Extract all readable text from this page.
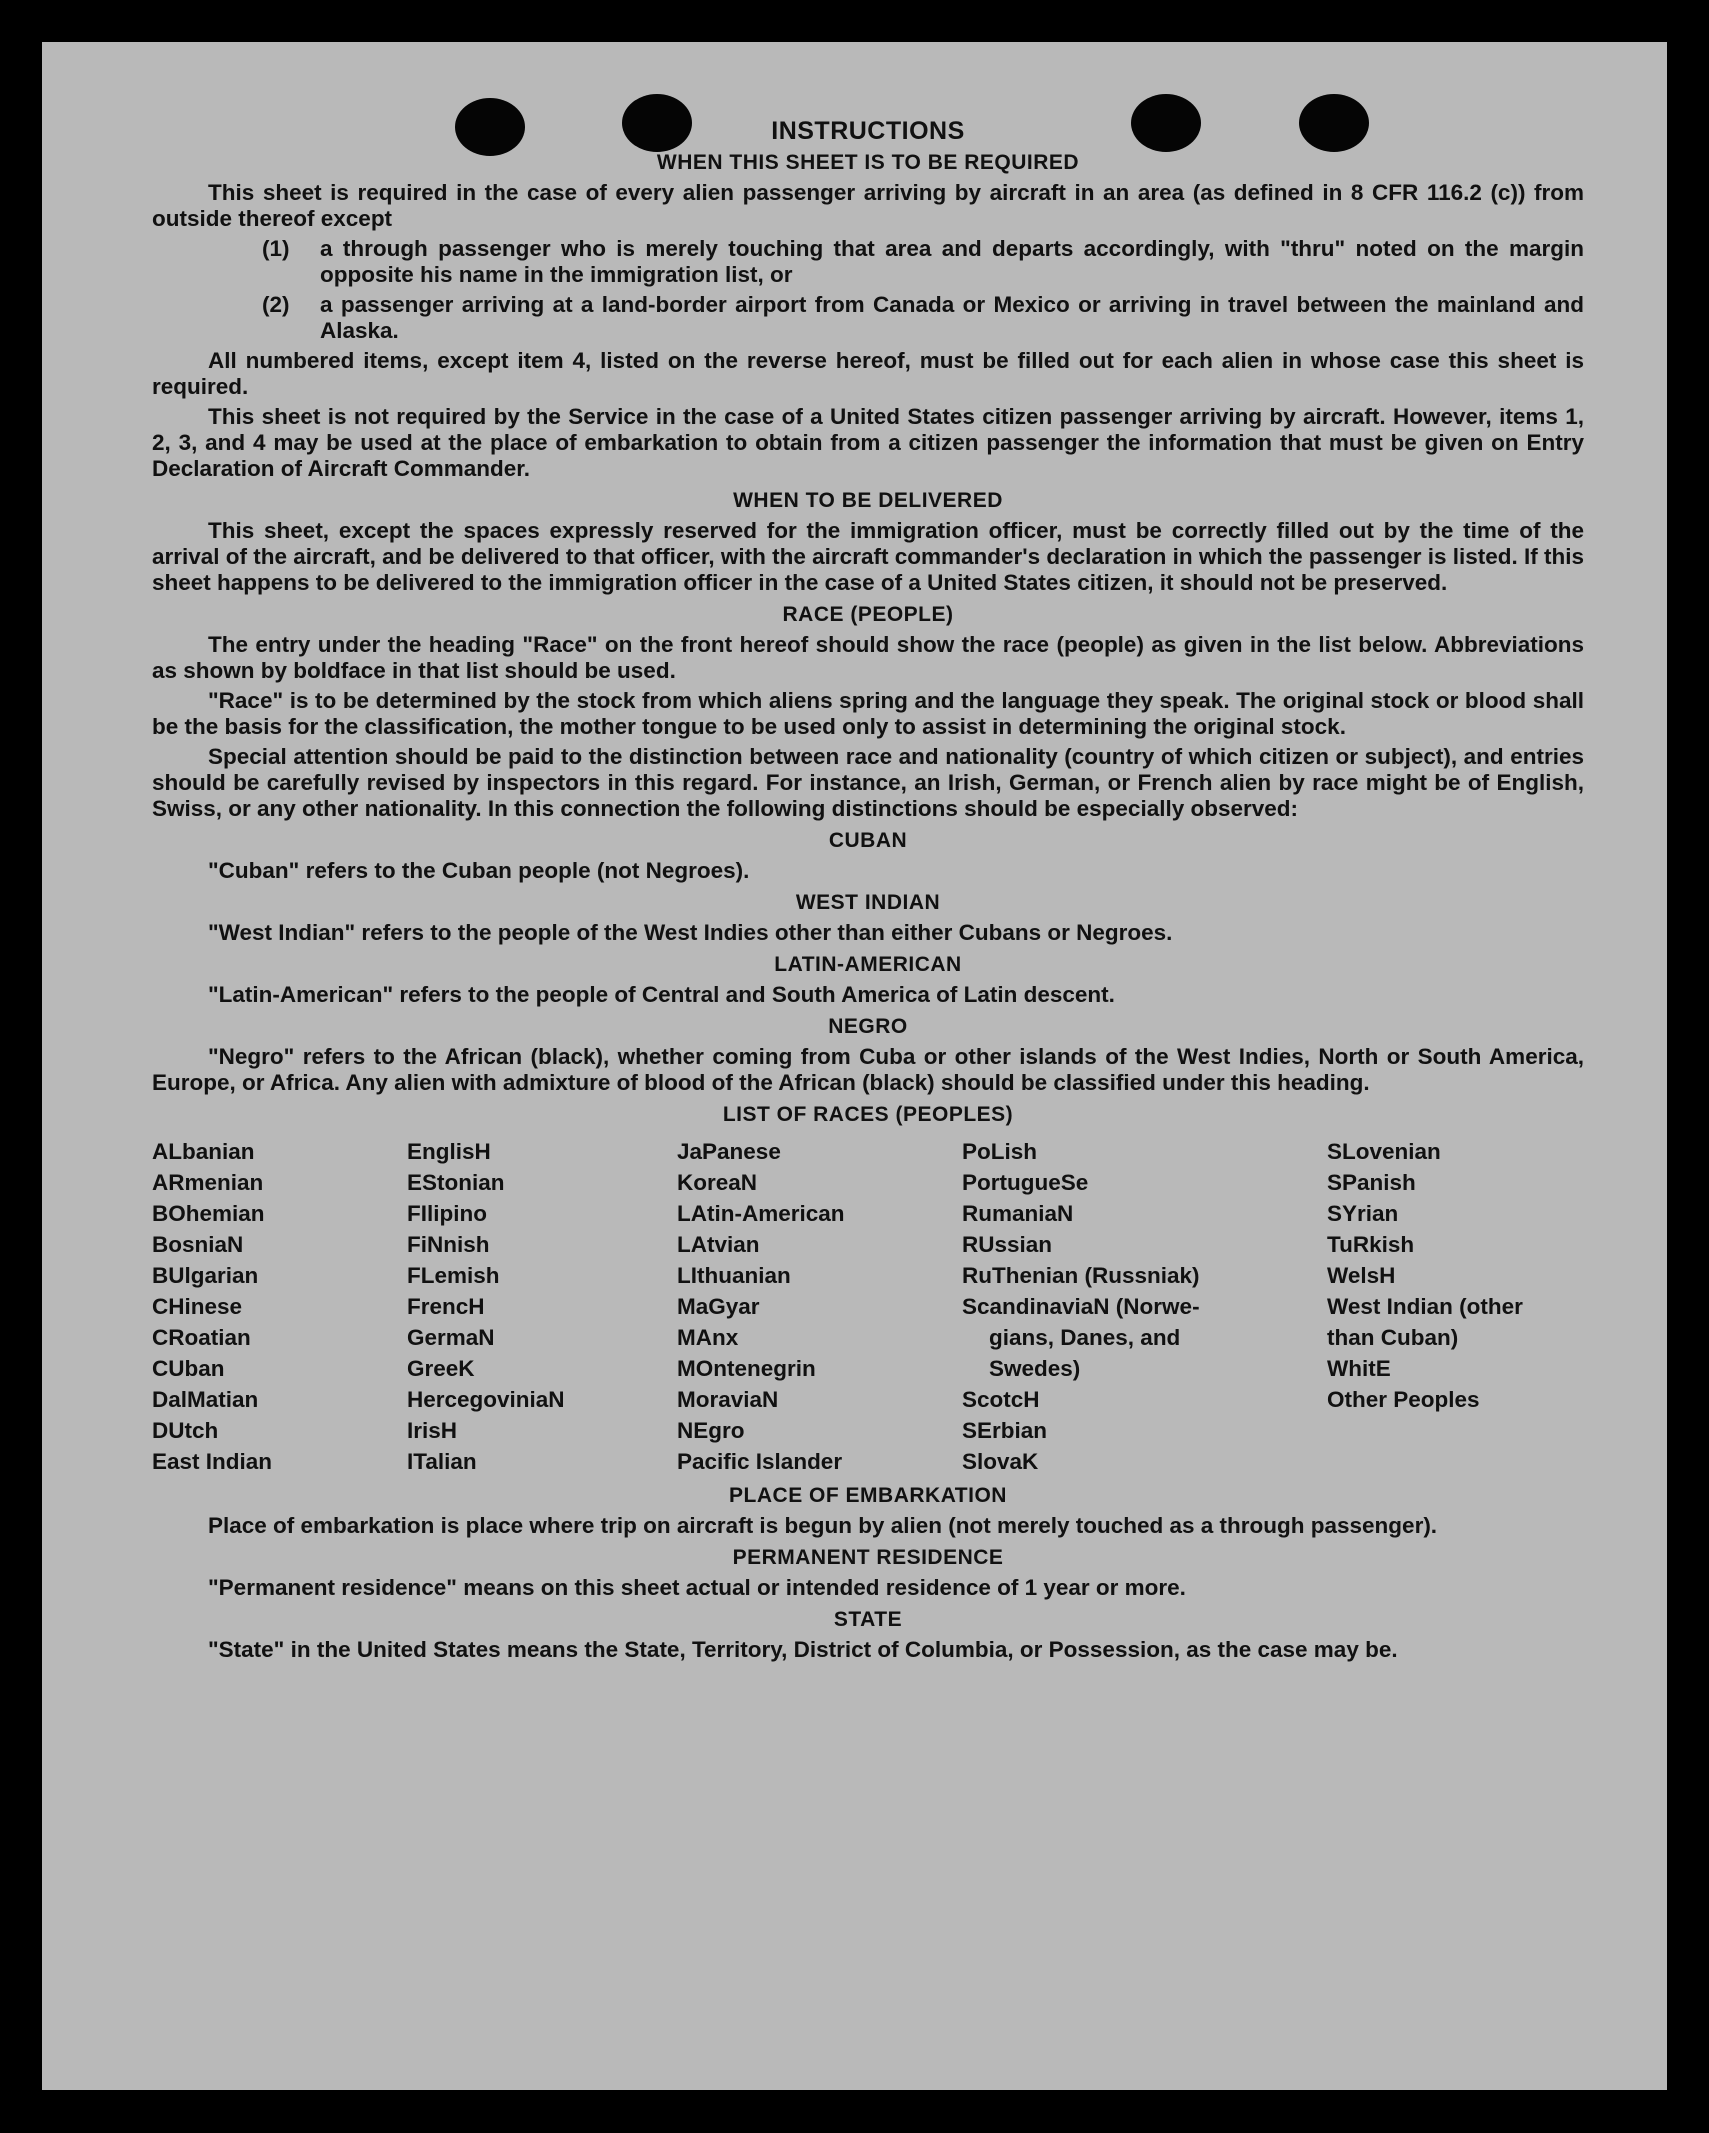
INSTRUCTIONS
WHEN THIS SHEET IS TO BE REQUIRED
This sheet is required in the case of every alien passenger arriving by aircraft in an area (as defined in 8 CFR 116.2 (c)) from outside thereof except
(1)	a through passenger who is merely touching that area and departs accordingly, with "thru" noted on the margin opposite his name in the immigration list, or
(2)	a passenger arriving at a land-border airport from Canada or Mexico or arriving in travel between the mainland and Alaska.
All numbered items, except item 4, listed on the reverse hereof, must be filled out for each alien in whose case this sheet is required.
This sheet is not required by the Service in the case of a United States citizen passenger arriving by aircraft. However, items 1, 2, 3, and 4 may be used at the place of embarkation to obtain from a citizen passenger the information that must be given on Entry Declaration of Aircraft Commander.
WHEN TO BE DELIVERED
This sheet, except the spaces expressly reserved for the immigration officer, must be correctly filled out by the time of the arrival of the aircraft, and be delivered to that officer, with the aircraft commander's declaration in which the passenger is listed. If this sheet happens to be delivered to the immigration officer in the case of a United States citizen, it should not be preserved.
RACE (PEOPLE)
The entry under the heading "Race" on the front hereof should show the race (people) as given in the list below. Abbreviations as shown by boldface in that list should be used.
"Race" is to be determined by the stock from which aliens spring and the language they speak. The original stock or blood shall be the basis for the classification, the mother tongue to be used only to assist in determining the original stock.
Special attention should be paid to the distinction between race and nationality (country of which citizen or subject), and entries should be carefully revised by inspectors in this regard. For instance, an Irish, German, or French alien by race might be of English, Swiss, or any other nationality. In this connection the following distinctions should be especially observed:
CUBAN
"Cuban" refers to the Cuban people (not Negroes).
WEST INDIAN
"West Indian" refers to the people of the West Indies other than either Cubans or Negroes.
LATIN-AMERICAN
"Latin-American" refers to the people of Central and South America of Latin descent.
NEGRO
"Negro" refers to the African (black), whether coming from Cuba or other islands of the West Indies, North or South America, Europe, or Africa. Any alien with admixture of blood of the African (black) should be classified under this heading.
LIST OF RACES (PEOPLES)
ALbanian
ARmenian
BOhemian
BosniaN
BUlgarian
CHinese
CRoatian
CUban
DalMatian
DUtch
East Indian
EnglisH
EStonian
FIlipino
FiNnish
FLemish
FrencH
GermaN
GreeK
HercegoviniaN
IrisH
ITalian
JaPanese
KoreaN
LAtin-American
LAtvian
LIthuanian
MaGyar
MAnx
MOntenegrin
MoraviaN
NEgro
Pacific Islander
PoLish
PortugueSe
RumaniaN
RUssian
RuThenian (Russniak)
ScandinaviaN (Norwe-
gians, Danes, and
Swedes)
ScotcH
SErbian
SlovaK
SLovenian
SPanish
SYrian
TuRkish
WelsH
West Indian (other
than Cuban)
WhitE
Other Peoples
PLACE OF EMBARKATION
Place of embarkation is place where trip on aircraft is begun by alien (not merely touched as a through passenger).
PERMANENT RESIDENCE
"Permanent residence" means on this sheet actual or intended residence of 1 year or more.
STATE
"State" in the United States means the State, Territory, District of Columbia, or Possession, as the case may be.
